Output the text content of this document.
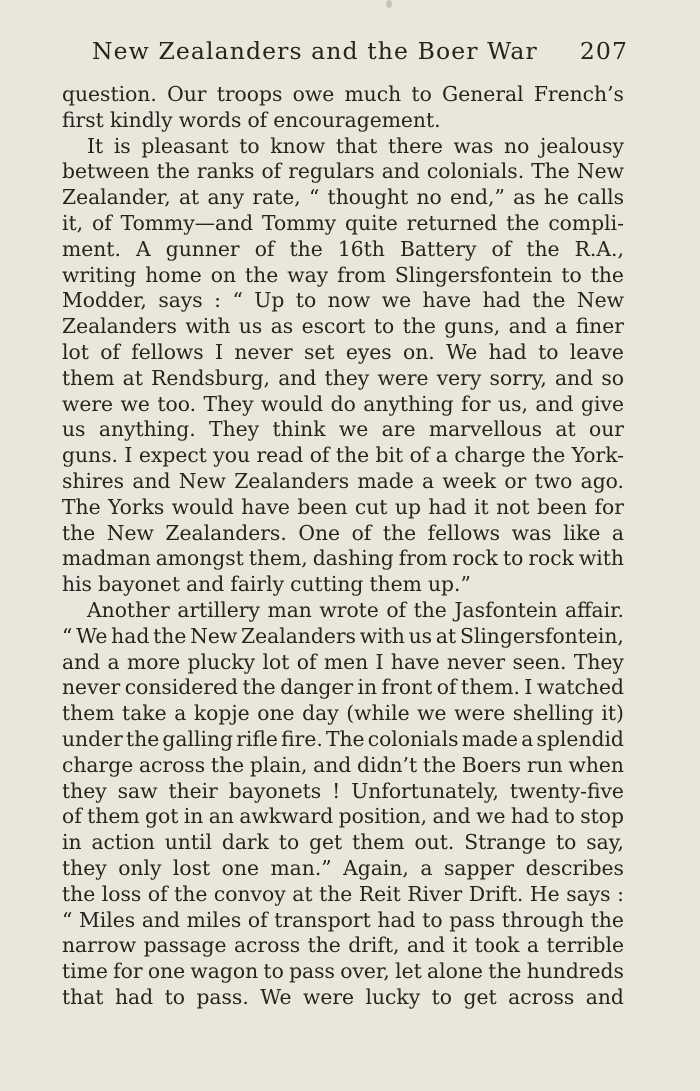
New Zealanders and the Boer War 207
question. Our troops owe much to General French’s
first kindly words of encouragement.
It is pleasant to know that there was no jealousy
between the ranks of regulars and colonials. The New
Zealander, at any rate, “ thought no end,” as he calls
it, of Tommy—and Tommy quite returned the compli-
ment. A gunner of the 16th Battery of the R.A.,
writing home on the way from Slingersfontein to the
Modder, says : “ Up to now we have had the New
Zealanders with us as escort to the guns, and a finer
lot of fellows I never set eyes on. We had to leave
them at Rendsburg, and they were very sorry, and so
were we too. They would do anything for us, and give
us anything. They think we are marvellous at our
guns. I expect you read of the bit of a charge the York-
shires and New Zealanders made a week or two ago.
The Yorks would have been cut up had it not been for
the New Zealanders. One of the fellows was like a
madman amongst them, dashing from rock to rock with
his bayonet and fairly cutting them up.”
Another artillery man wrote of the Jasfontein affair.
“ We had the New Zealanders with us at Slingersfontein,
and a more plucky lot of men I have never seen. They
never considered the danger in front of them. I watched
them take a kopje one day (while we were shelling it)
under the galling rifle fire. The colonials made a splendid
charge across the plain, and didn’t the Boers run when
they saw their bayonets ! Unfortunately, twenty-five
of them got in an awkward position, and we had to stop
in action until dark to get them out. Strange to say,
they only lost one man.” Again, a sapper describes
the loss of the convoy at the Reit River Drift. He says :
“ Miles and miles of transport had to pass through the
narrow passage across the drift, and it took a terrible
time for one wagon to pass over, let alone the hundreds
that had to pass. We were lucky to get across and
